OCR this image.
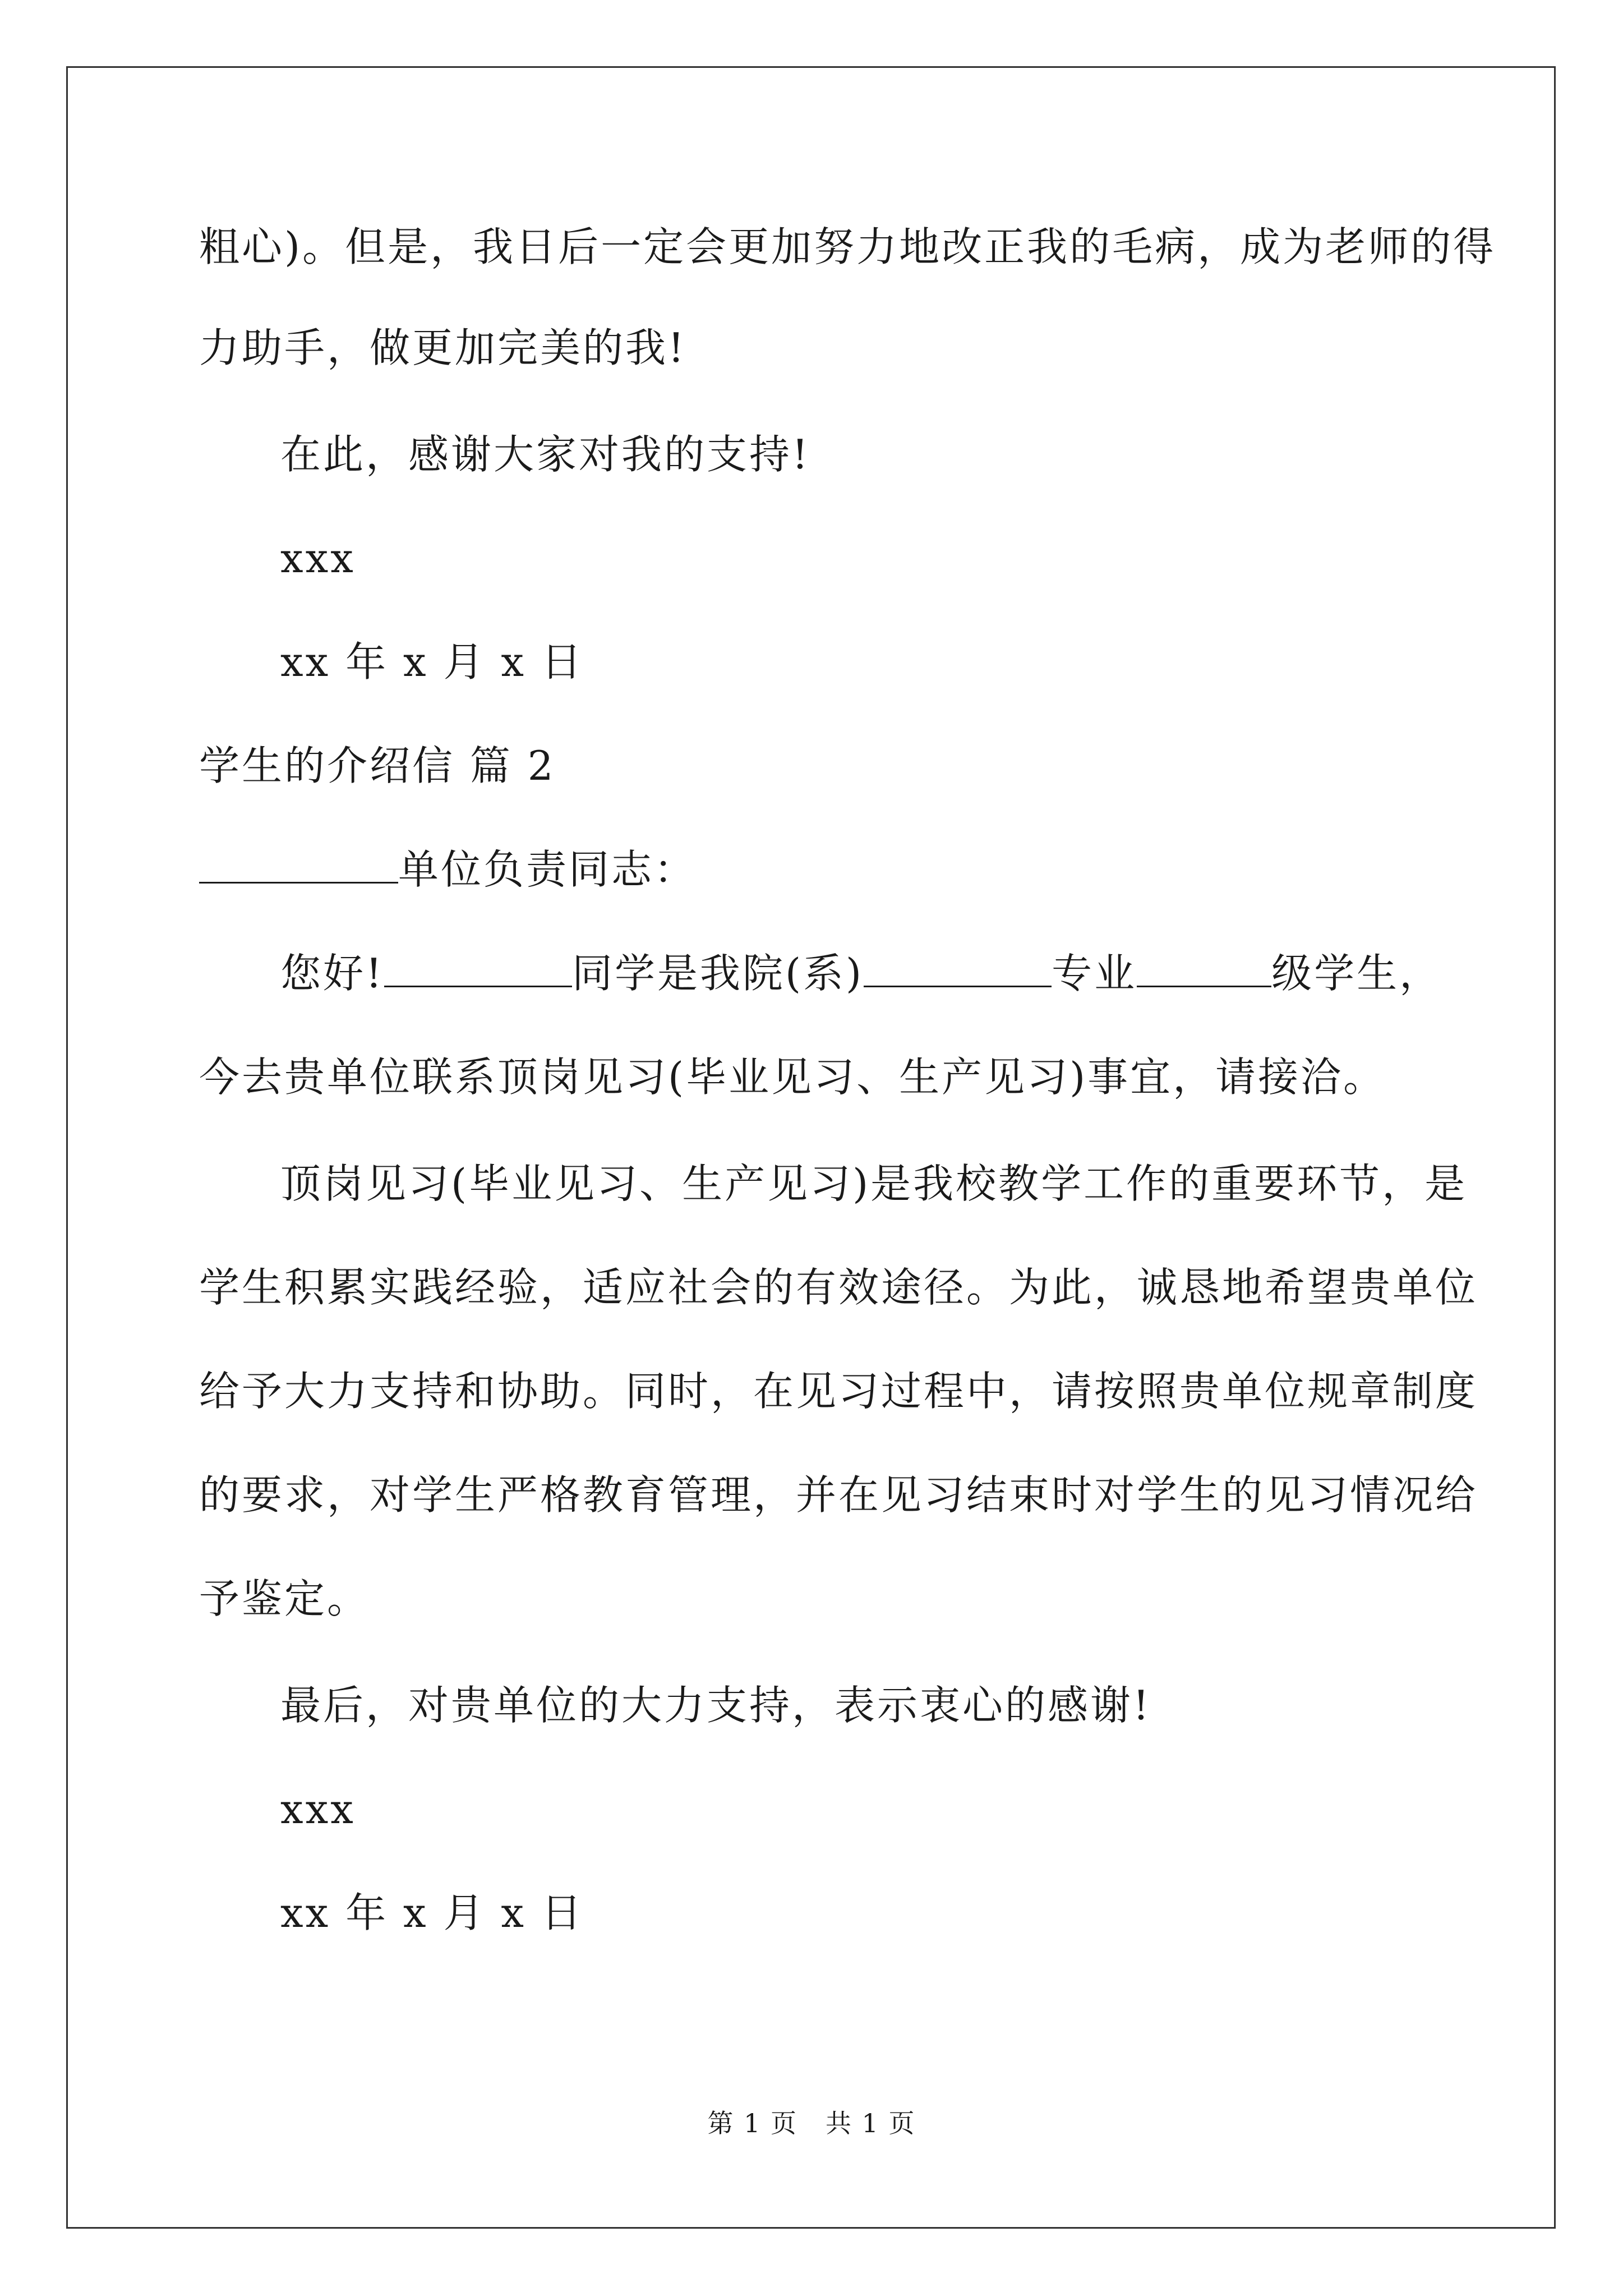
粗心)。但是，我日后一定会更加努力地改正我的毛病，成为老师的得
力助手，做更加完美的我!
在此，感谢大家对我的支持!
xxx
xx 年 x 月 x 日
学生的介绍信 篇 2
单位负责同志：
您好!	同学是我院(系)	专业	级学生，
今去贵单位联系顶岗见习(毕业见习、生产见习)事宜，请接洽。
顶岗见习(毕业见习、生产见习)是我校教学工作的重要环节，是
学生积累实践经验，适应社会的有效途径。为此，诚恳地希望贵单位
给予大力支持和协助。同时，在见习过程中，请按照贵单位规章制度
的要求，对学生严格教育管理，并在见习结束时对学生的见习情况给
予鉴定。
最后，对贵单位的大力支持，表示衷心的感谢!
xxx
xx 年 x 月 x 日
第 1 页 共 1 页
